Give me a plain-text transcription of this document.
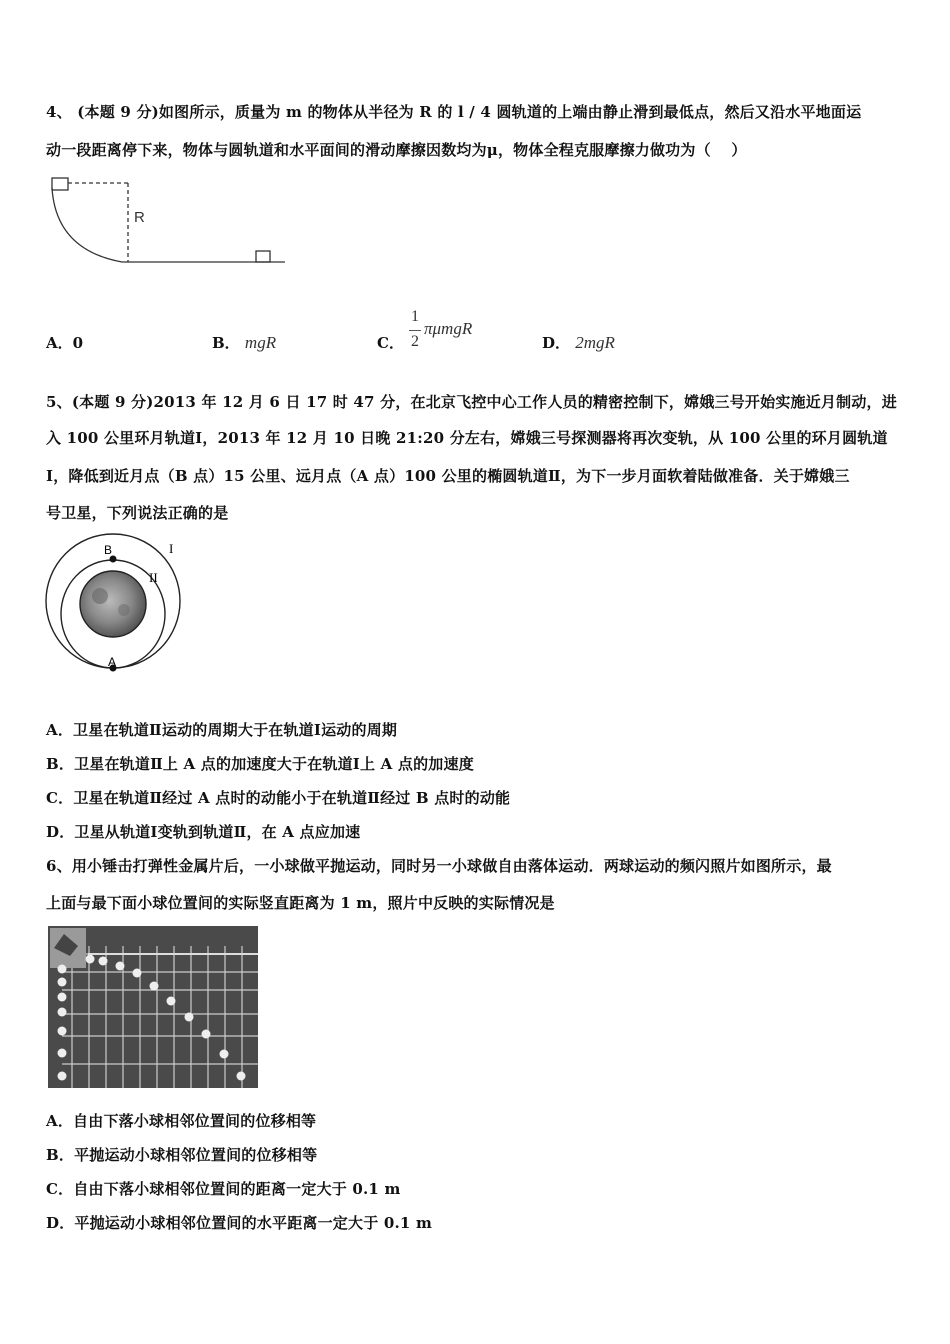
4、 (本题 9 分)如图所示，质量为 m 的物体从半径为 R 的 l / 4 圆轨道的上端由静止滑到最低点，然后又沿水平地面运
动一段距离停下来，物体与圆轨道和水平面间的滑动摩擦因数均为μ，物体全程克服摩擦力做功为（　 ）
R
A．0	B． mgR	C．
1
2
πμmgR
D． 2mgR
5、(本题 9 分)2013 年 12 月 6 日 17 时 47 分，在北京飞控中心工作人员的精密控制下，嫦娥三号开始实施近月制动，进
入 100 公里环月轨道Ⅰ，2013 年 12 月 10 日晚 21:20 分左右，嫦娥三号探测器将再次变轨，从 100 公里的环月圆轨道
Ⅰ，降低到近月点（B 点）15 公里、远月点（A 点）100 公里的椭圆轨道Ⅱ，为下一步月面软着陆做准备．关于嫦娥三
号卫星，下列说法正确的是
B
A
I
II
A．卫星在轨道Ⅱ运动的周期大于在轨道Ⅰ运动的周期
B．卫星在轨道Ⅱ上 A 点的加速度大于在轨道Ⅰ上 A 点的加速度
C．卫星在轨道Ⅱ经过 A 点时的动能小于在轨道Ⅱ经过 B 点时的动能
D．卫星从轨道Ⅰ变轨到轨道Ⅱ，在 A 点应加速
6、用小锤击打弹性金属片后，一小球做平抛运动，同时另一小球做自由落体运动．两球运动的频闪照片如图所示，最
上面与最下面小球位置间的实际竖直距离为 1 m，照片中反映的实际情况是
A．自由下落小球相邻位置间的位移相等
B．平抛运动小球相邻位置间的位移相等
C．自由下落小球相邻位置间的距离一定大于 0.1 m
D．平抛运动小球相邻位置间的水平距离一定大于 0.1 m
